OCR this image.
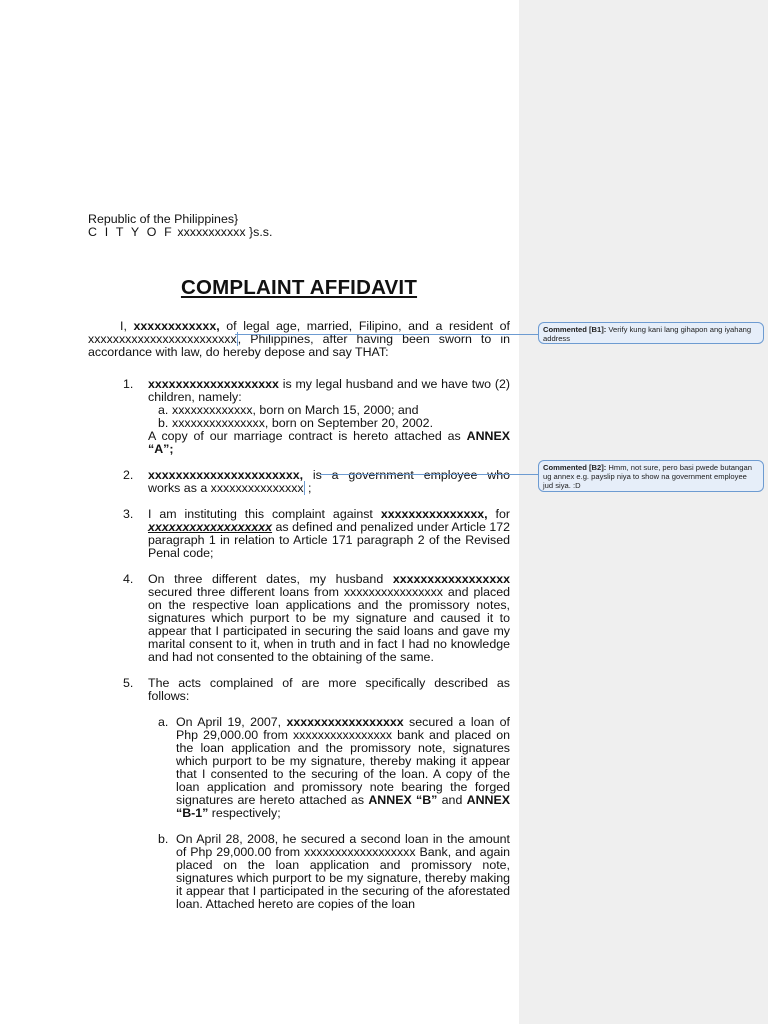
Republic of the Philippines}

C I T Y O F xxxxxxxxxxx }s.s.

COMPLAINT AFFIDAVIT

I, xxxxxxxxxxxx, of legal age, married, Filipino, and a resident of xxxxxxxxxxxxxxxxxxxxxxxx, Philippines, after having been sworn to in accordance with law, do hereby depose and say THAT:

1. xxxxxxxxxxxxxxxxxxx is my legal husband and we have two (2) children, namely:
a. xxxxxxxxxxxxx, born on March 15, 2000; and
b. xxxxxxxxxxxxxxx, born on September 20, 2002.
A copy of our marriage contract is hereto attached as ANNEX “A”;
2. xxxxxxxxxxxxxxxxxxxxxx, is a government employee who works as a xxxxxxxxxxxxxxx ;
3. I am instituting this complaint against xxxxxxxxxxxxxxx, for xxxxxxxxxxxxxxxxxx as defined and penalized under Article 172 paragraph 1 in relation to Article 171 paragraph 2 of the Revised Penal code;
4. On three different dates, my husband xxxxxxxxxxxxxxxxx secured three different loans from xxxxxxxxxxxxxxxx and placed on the respective loan applications and the promissory notes, signatures which purport to be my signature and caused it to appear that I participated in securing the said loans and gave my marital consent to it, when in truth and in fact I had no knowledge and had not consented to the obtaining of the same.
5. The acts complained of are more specifically described as follows:
a. On April 19, 2007, xxxxxxxxxxxxxxxxx secured a loan of Php 29,000.00 from xxxxxxxxxxxxxxxx bank and placed on the loan application and the promissory note, signatures which purport to be my signature, thereby making it appear that I consented to the securing of the loan. A copy of the loan application and promissory note bearing the forged signatures are hereto attached as ANNEX “B” and ANNEX “B-1” respectively;
b. On April 28, 2008, he secured a second loan in the amount of Php 29,000.00 from xxxxxxxxxxxxxxxxxx Bank, and again placed on the loan application and promissory note, signatures which purport to be my signature, thereby making it appear that I participated in the securing of the aforestated loan. Attached hereto are copies of the loan
Commented [B1]: Verify kung kani lang gihapon ang iyahang address
Commented [B2]: Hmm, not sure, pero basi pwede butangan ug annex e.g. payslip niya to show na government employee jud siya. :D
